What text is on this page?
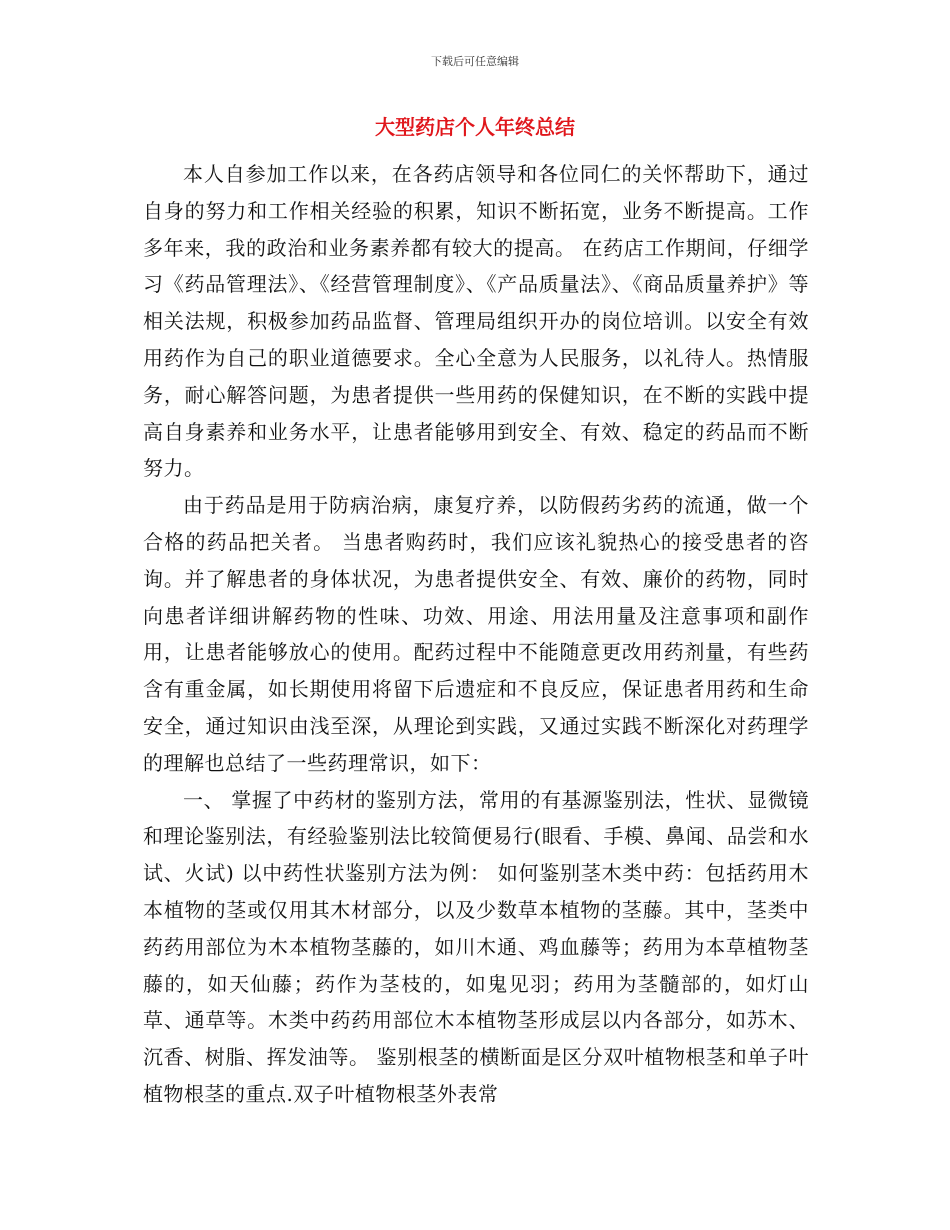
下载后可任意编辑
大型药店个人年终总结

本人自参加工作以来，在各药店领导和各位同仁的关怀帮助下，通过自身的努力和工作相关经验的积累，知识不断拓宽，业务不断提高。工作多年来，我的政治和业务素养都有较大的提高。 在药店工作期间，仔细学习《药品管理法》、《经营管理制度》、《产品质量法》、《商品质量养护》等相关法规，积极参加药品监督、管理局组织开办的岗位培训。以安全有效用药作为自己的职业道德要求。全心全意为人民服务，以礼待人。热情服务，耐心解答问题，为患者提供一些用药的保健知识，在不断的实践中提高自身素养和业务水平，让患者能够用到安全、有效、稳定的药品而不断努力。

由于药品是用于防病治病，康复疗养，以防假药劣药的流通，做一个合格的药品把关者。 当患者购药时，我们应该礼貌热心的接受患者的咨询。并了解患者的身体状况，为患者提供安全、有效、廉价的药物，同时向患者详细讲解药物的性味、功效、用途、用法用量及注意事项和副作用，让患者能够放心的使用。配药过程中不能随意更改用药剂量，有些药含有重金属，如长期使用将留下后遗症和不良反应，保证患者用药和生命安全，通过知识由浅至深，从理论到实践，又通过实践不断深化对药理学的理解也总结了一些药理常识，如下：

一、 掌握了中药材的鉴别方法，常用的有基源鉴别法，性状、显微镜和理论鉴别法，有经验鉴别法比较简便易行(眼看、手模、鼻闻、品尝和水试、火试) 以中药性状鉴别方法为例： 如何鉴别茎木类中药：包括药用木本植物的茎或仅用其木材部分，以及少数草本植物的茎藤。其中，茎类中药药用部位为木本植物茎藤的，如川木通、鸡血藤等；药用为本草植物茎藤的，如天仙藤；药作为茎枝的，如鬼见羽；药用为茎髓部的，如灯山草、通草等。木类中药药用部位木本植物茎形成层以内各部分，如苏木、沉香、树脂、挥发油等。 鉴别根茎的横断面是区分双叶植物根茎和单子叶植物根茎的重点.双子叶植物根茎外表常
